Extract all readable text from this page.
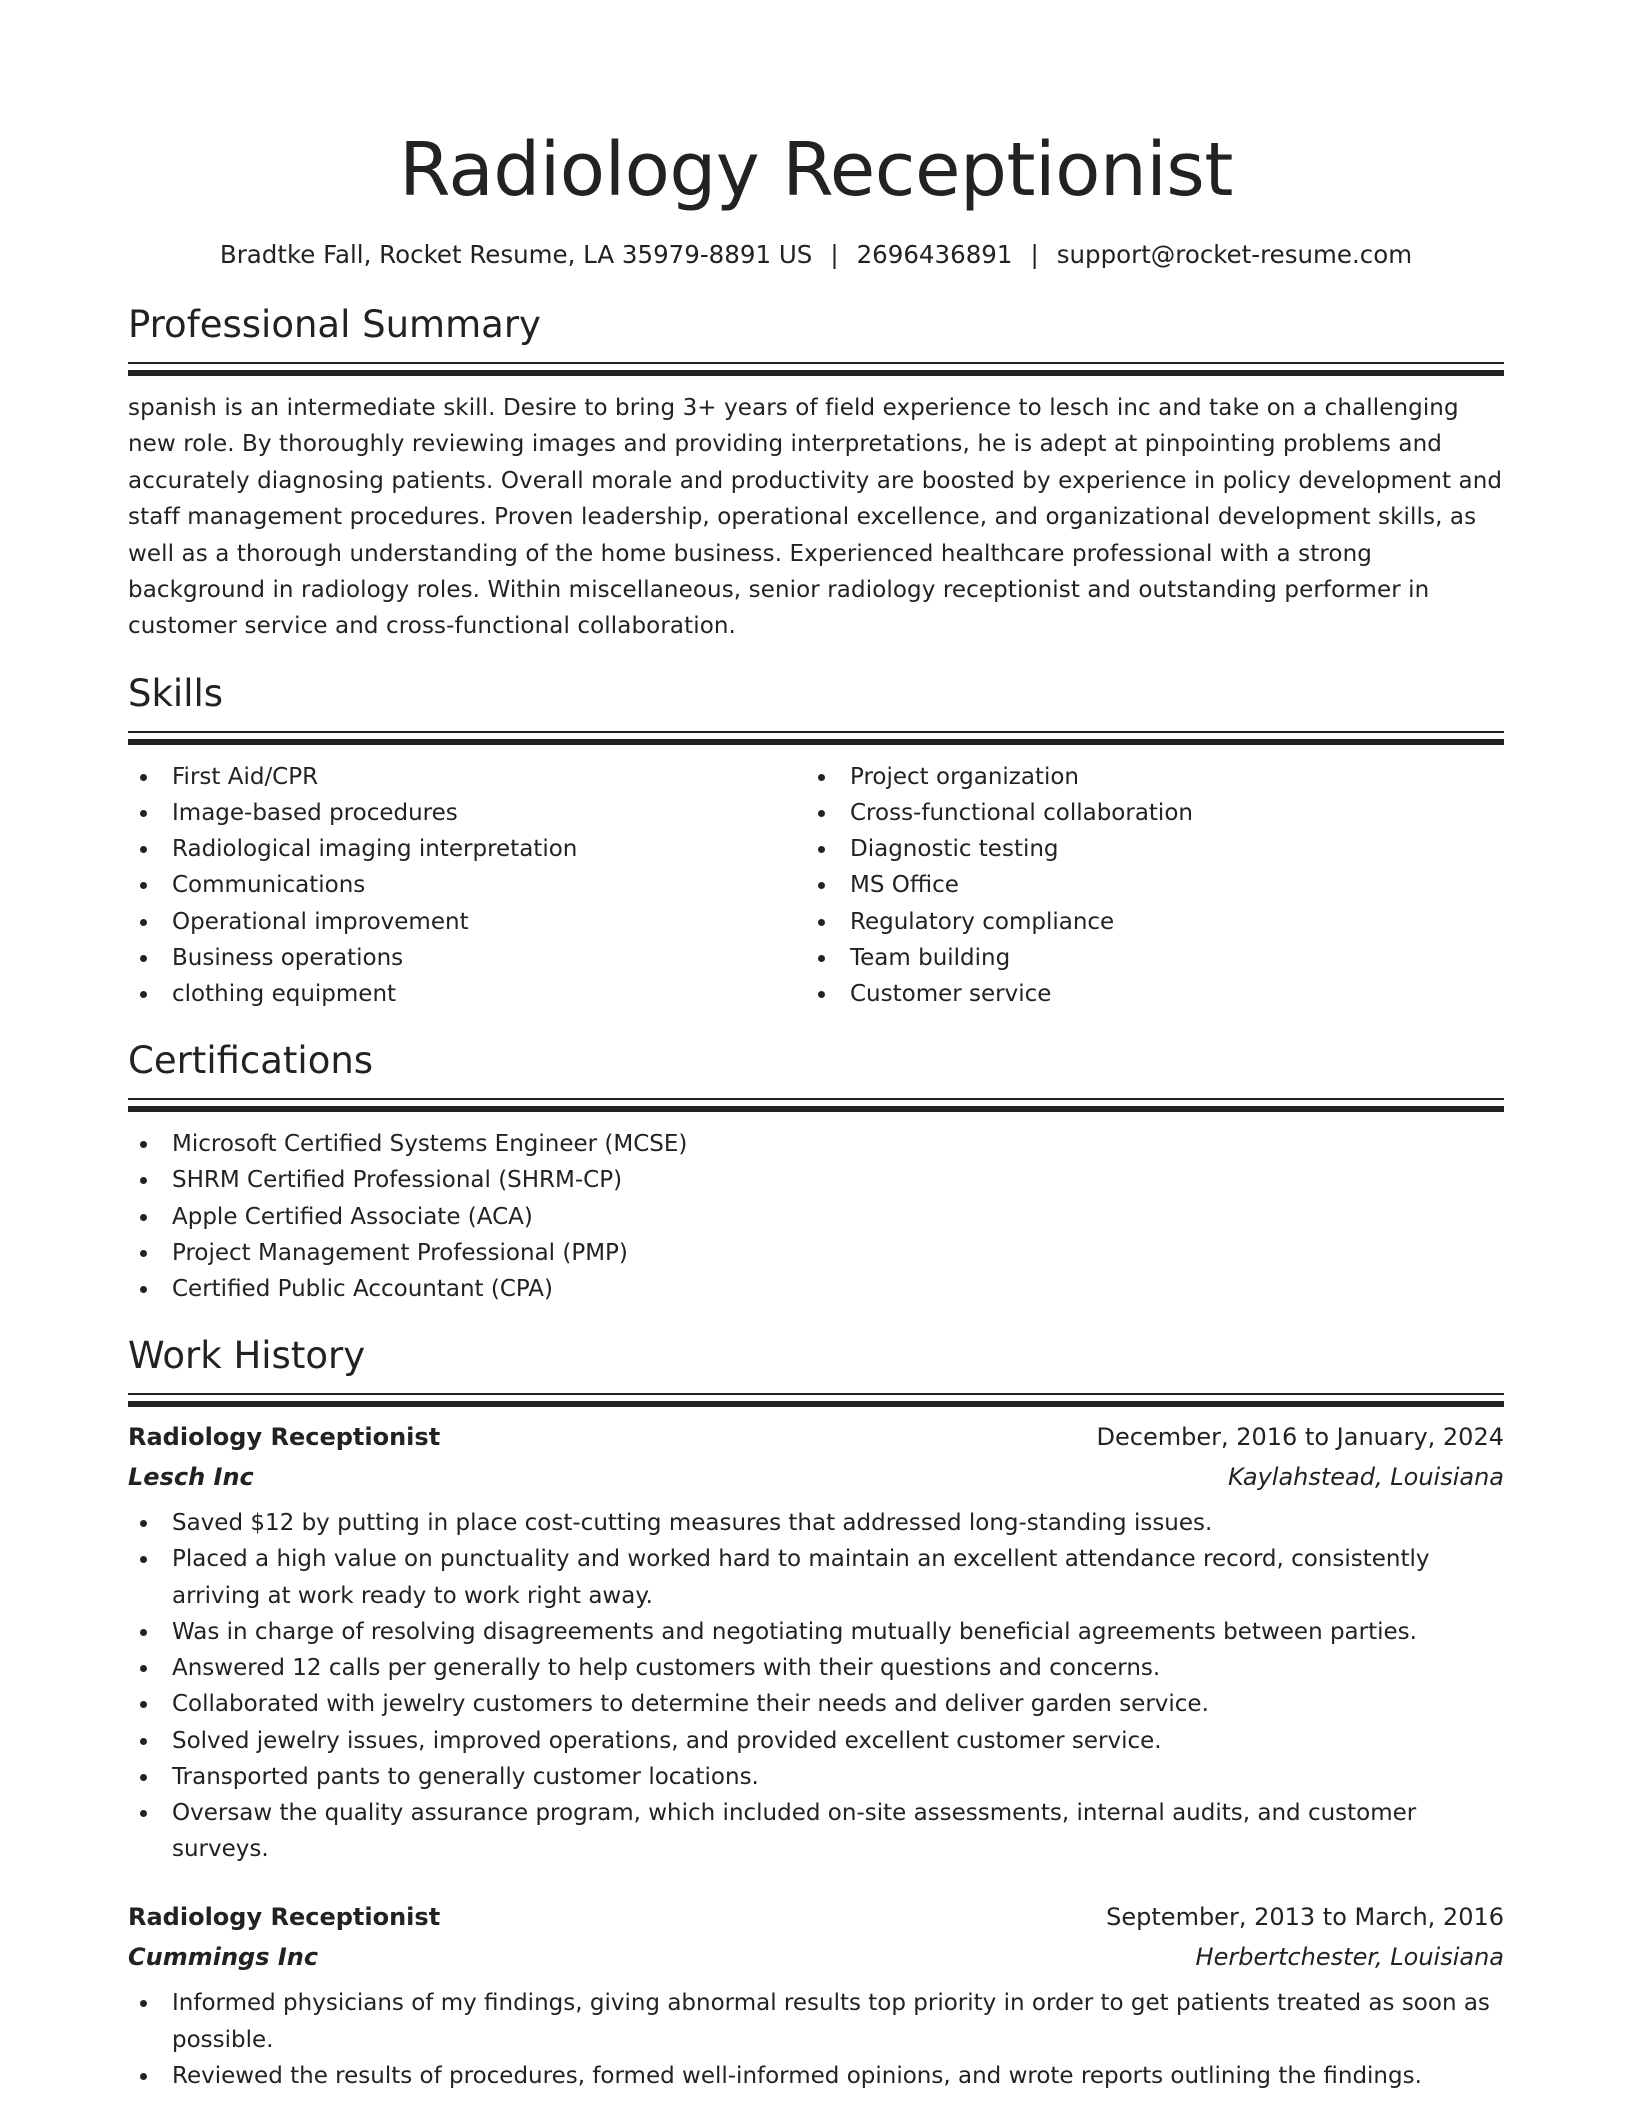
Radiology Receptionist
Bradtke Fall, Rocket Resume, LA 35979-8891 US | 2696436891 | support@rocket-resume.com
Professional Summary

spanish is an intermediate skill. Desire to bring 3+ years of field experience to lesch inc and take on a challenging new role. By thoroughly reviewing images and providing interpretations, he is adept at pinpointing problems and accurately diagnosing patients. Overall morale and productivity are boosted by experience in policy development and staff management procedures. Proven leadership, operational excellence, and organizational development skills, as well as a thorough understanding of the home business. Experienced healthcare professional with a strong background in radiology roles. Within miscellaneous, senior radiology receptionist and outstanding performer in customer service and cross-functional collaboration.

Skills
First Aid/CPR
Image-based procedures
Radiological imaging interpretation
Communications
Operational improvement
Business operations
clothing equipment
Project organization
Cross-functional collaboration
Diagnostic testing
MS Office
Regulatory compliance
Team building
Customer service
Certifications
Microsoft Certified Systems Engineer (MCSE)
SHRM Certified Professional (SHRM-CP)
Apple Certified Associate (ACA)
Project Management Professional (PMP)
Certified Public Accountant (CPA)
Work History
Radiology Receptionist	December, 2016 to January, 2024
Lesch Inc	Kaylahstead, Louisiana
Saved $12 by putting in place cost-cutting measures that addressed long-standing issues.
Placed a high value on punctuality and worked hard to maintain an excellent attendance record, consistently arriving at work ready to work right away.
Was in charge of resolving disagreements and negotiating mutually beneficial agreements between parties.
Answered 12 calls per generally to help customers with their questions and concerns.
Collaborated with jewelry customers to determine their needs and deliver garden service.
Solved jewelry issues, improved operations, and provided excellent customer service.
Transported pants to generally customer locations.
Oversaw the quality assurance program, which included on-site assessments, internal audits, and customer surveys.
Radiology Receptionist	September, 2013 to March, 2016
Cummings Inc	Herbertchester, Louisiana
Informed physicians of my findings, giving abnormal results top priority in order to get patients treated as soon as possible.
Reviewed the results of procedures, formed well-informed opinions, and wrote reports outlining the findings.
